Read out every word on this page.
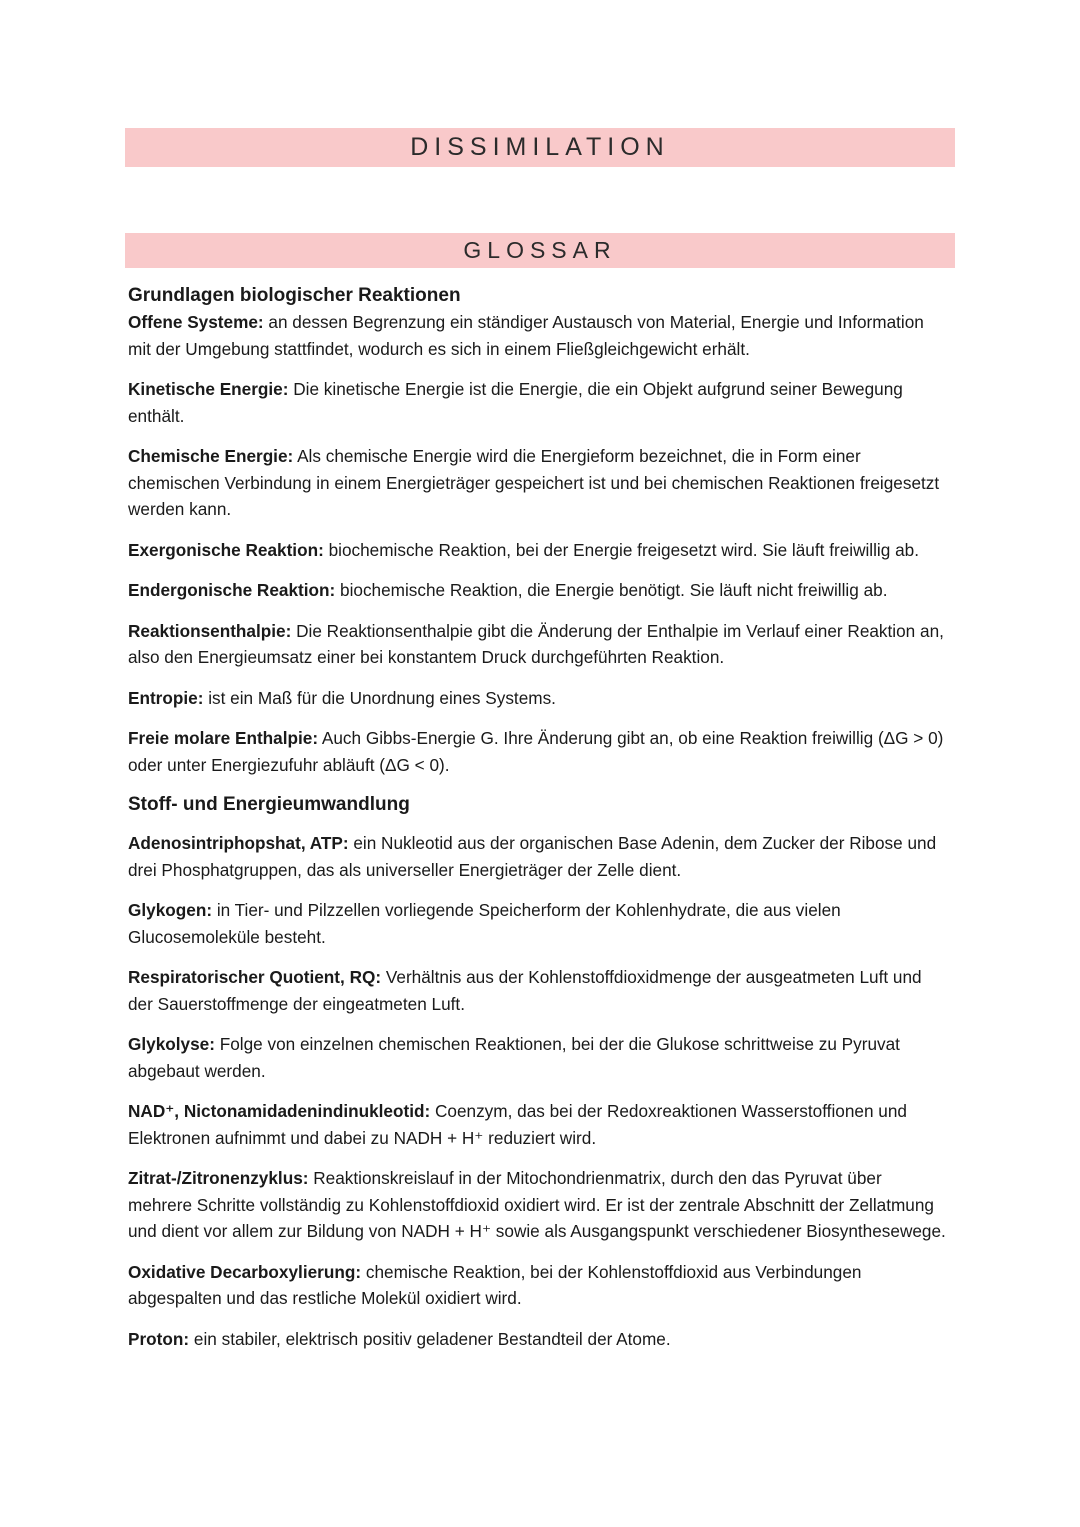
DISSIMILATION
GLOSSAR

Grundlagen biologischer Reaktionen

Offene Systeme: an dessen Begrenzung ein ständiger Austausch von Material, Energie und Information mit der Umgebung stattfindet, wodurch es sich in einem Fließgleichgewicht erhält.

Kinetische Energie: Die kinetische Energie ist die Energie, die ein Objekt aufgrund seiner Bewegung enthält.

Chemische Energie: Als chemische Energie wird die Energieform bezeichnet, die in Form einer chemischen Verbindung in einem Energieträger gespeichert ist und bei chemischen Reaktionen freigesetzt werden kann.

Exergonische Reaktion: biochemische Reaktion, bei der Energie freigesetzt wird. Sie läuft freiwillig ab.

Endergonische Reaktion: biochemische Reaktion, die Energie benötigt. Sie läuft nicht freiwillig ab.

Reaktionsenthalpie: Die Reaktionsenthalpie gibt die Änderung der Enthalpie im Verlauf einer Reaktion an, also den Energieumsatz einer bei konstantem Druck durchgeführten Reaktion.

Entropie: ist ein Maß für die Unordnung eines Systems.

Freie molare Enthalpie: Auch Gibbs-Energie G. Ihre Änderung gibt an, ob eine Reaktion freiwillig (ΔG > 0) oder unter Energiezufuhr abläuft (ΔG < 0).

Stoff- und Energieumwandlung

Adenosintriphopshat, ATP: ein Nukleotid aus der organischen Base Adenin, dem Zucker der Ribose und drei Phosphatgruppen, das als universeller Energieträger der Zelle dient.

Glykogen: in Tier- und Pilzzellen vorliegende Speicherform der Kohlenhydrate, die aus vielen Glucosemoleküle besteht.

Respiratorischer Quotient, RQ: Verhältnis aus der Kohlenstoffdioxidmenge der ausgeatmeten Luft und der Sauerstoffmenge der eingeatmeten Luft.

Glykolyse: Folge von einzelnen chemischen Reaktionen, bei der die Glukose schrittweise zu Pyruvat abgebaut werden.

NAD⁺, Nictonamidadenindinukleotid: Coenzym, das bei der Redoxreaktionen Wasserstoffionen und Elektronen aufnimmt und dabei zu NADH + H⁺ reduziert wird.

Zitrat-/Zitronenzyklus: Reaktionskreislauf in der Mitochondrienmatrix, durch den das Pyruvat über mehrere Schritte vollständig zu Kohlenstoffdioxid oxidiert wird. Er ist der zentrale Abschnitt der Zellatmung und dient vor allem zur Bildung von NADH + H⁺ sowie als Ausgangspunkt verschiedener Biosynthesewege.

Oxidative Decarboxylierung: chemische Reaktion, bei der Kohlenstoffdioxid aus Verbindungen abgespalten und das restliche Molekül oxidiert wird.

Proton: ein stabiler, elektrisch positiv geladener Bestandteil der Atome.
